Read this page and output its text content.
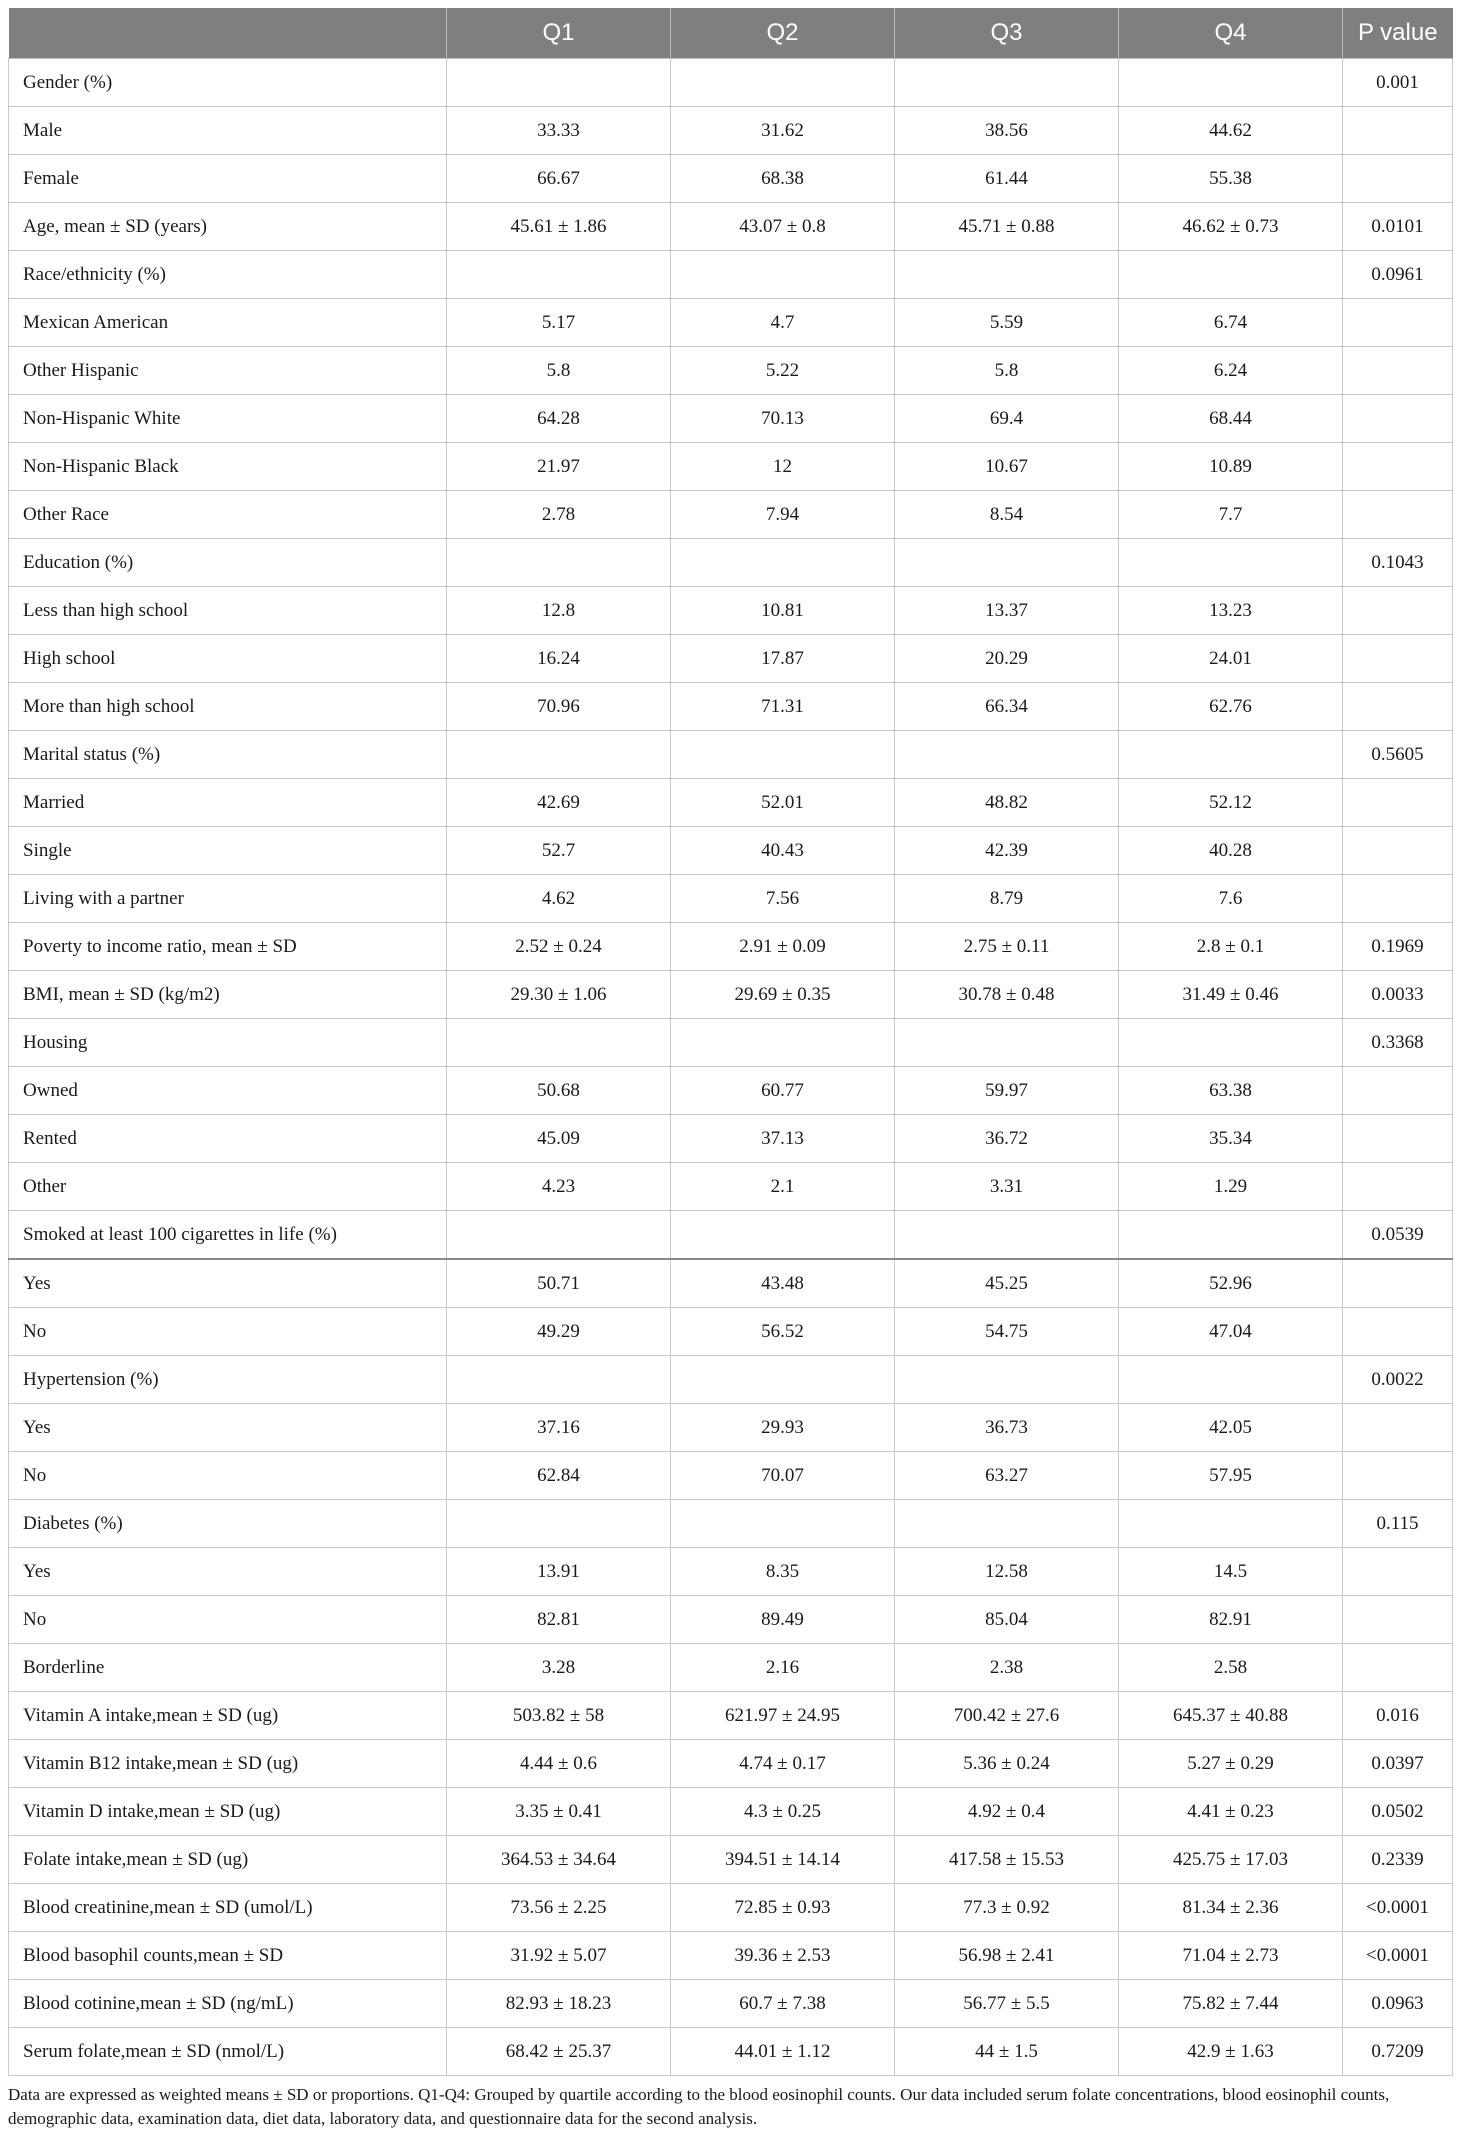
	Q1	Q2	Q3	Q4	P value
Gender (%)					0.001
Male	33.33	31.62	38.56	44.62	
Female	66.67	68.38	61.44	55.38	
Age, mean ± SD (years)	45.61 ± 1.86	43.07 ± 0.8	45.71 ± 0.88	46.62 ± 0.73	0.0101
Race/ethnicity (%)					0.0961
Mexican American	5.17	4.7	5.59	6.74	
Other Hispanic	5.8	5.22	5.8	6.24	
Non-Hispanic White	64.28	70.13	69.4	68.44	
Non-Hispanic Black	21.97	12	10.67	10.89	
Other Race	2.78	7.94	8.54	7.7	
Education (%)					0.1043
Less than high school	12.8	10.81	13.37	13.23	
High school	16.24	17.87	20.29	24.01	
More than high school	70.96	71.31	66.34	62.76	
Marital status (%)					0.5605
Married	42.69	52.01	48.82	52.12	
Single	52.7	40.43	42.39	40.28	
Living with a partner	4.62	7.56	8.79	7.6	
Poverty to income ratio, mean ± SD	2.52 ± 0.24	2.91 ± 0.09	2.75 ± 0.11	2.8 ± 0.1	0.1969
BMI, mean ± SD (kg/m2)	29.30 ± 1.06	29.69 ± 0.35	30.78 ± 0.48	31.49 ± 0.46	0.0033
Housing					0.3368
Owned	50.68	60.77	59.97	63.38	
Rented	45.09	37.13	36.72	35.34	
Other	4.23	2.1	3.31	1.29	
Smoked at least 100 cigarettes in life (%)					0.0539
Yes	50.71	43.48	45.25	52.96	
No	49.29	56.52	54.75	47.04	
Hypertension (%)					0.0022
Yes	37.16	29.93	36.73	42.05	
No	62.84	70.07	63.27	57.95	
Diabetes (%)					0.115
Yes	13.91	8.35	12.58	14.5	
No	82.81	89.49	85.04	82.91	
Borderline	3.28	2.16	2.38	2.58	
Vitamin A intake,mean ± SD (ug)	503.82 ± 58	621.97 ± 24.95	700.42 ± 27.6	645.37 ± 40.88	0.016
Vitamin B12 intake,mean ± SD (ug)	4.44 ± 0.6	4.74 ± 0.17	5.36 ± 0.24	5.27 ± 0.29	0.0397
Vitamin D intake,mean ± SD (ug)	3.35 ± 0.41	4.3 ± 0.25	4.92 ± 0.4	4.41 ± 0.23	0.0502
Folate intake,mean ± SD (ug)	364.53 ± 34.64	394.51 ± 14.14	417.58 ± 15.53	425.75 ± 17.03	0.2339
Blood creatinine,mean ± SD (umol/L)	73.56 ± 2.25	72.85 ± 0.93	77.3 ± 0.92	81.34 ± 2.36	<0.0001
Blood basophil counts,mean ± SD	31.92 ± 5.07	39.36 ± 2.53	56.98 ± 2.41	71.04 ± 2.73	<0.0001
Blood cotinine,mean ± SD (ng/mL)	82.93 ± 18.23	60.7 ± 7.38	56.77 ± 5.5	75.82 ± 7.44	0.0963
Serum folate,mean ± SD (nmol/L)	68.42 ± 25.37	44.01 ± 1.12	44 ± 1.5	42.9 ± 1.63	0.7209
Data are expressed as weighted means ± SD or proportions. Q1-Q4: Grouped by quartile according to the blood eosinophil counts. Our data included serum folate concentrations, blood eosinophil counts, demographic data, examination data, diet data, laboratory data, and questionnaire data for the second analysis.
